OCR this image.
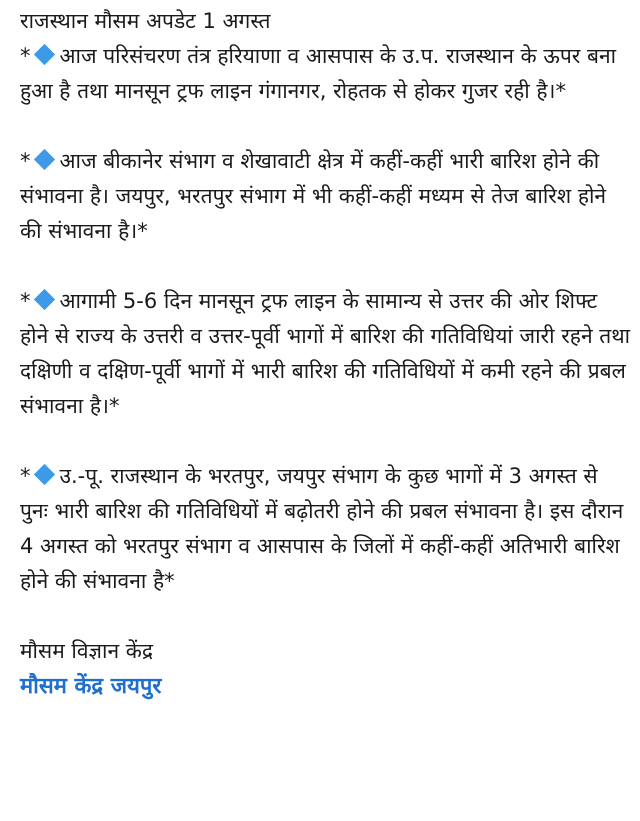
राजस्थान मौसम अपडेट 1 अगस्त
* आज परिसंचरण तंत्र हरियाणा व आसपास के उ.प. राजस्थान के ऊपर बना हुआ है तथा मानसून ट्रफ लाइन गंगानगर, रोहतक से होकर गुजर रही है।*
* आज बीकानेर संभाग व शेखावाटी क्षेत्र में कहीं-कहीं भारी बारिश होने की संभावना है। जयपुर, भरतपुर संभाग में भी कहीं-कहीं मध्यम से तेज बारिश होने की संभावना है।*
* आगामी 5-6 दिन मानसून ट्रफ लाइन के सामान्य से उत्तर की ओर शिफ्ट होने से राज्य के उत्तरी व उत्तर-पूर्वी भागों में बारिश की गतिविधियां जारी रहने तथा दक्षिणी व दक्षिण-पूर्वी भागों में भारी बारिश की गतिविधियों में कमी रहने की प्रबल संभावना है।*
* उ.-पू. राजस्थान के भरतपुर, जयपुर संभाग के कुछ भागों में 3 अगस्त से पुनः भारी बारिश की गतिविधियों में बढ़ोतरी होने की प्रबल संभावना है। इस दौरान 4 अगस्त को भरतपुर संभाग व आसपास के जिलों में कहीं-कहीं अतिभारी बारिश होने की संभावना है*
मौसम विज्ञान केंद्र
मौसम केंद्र जयपुर
